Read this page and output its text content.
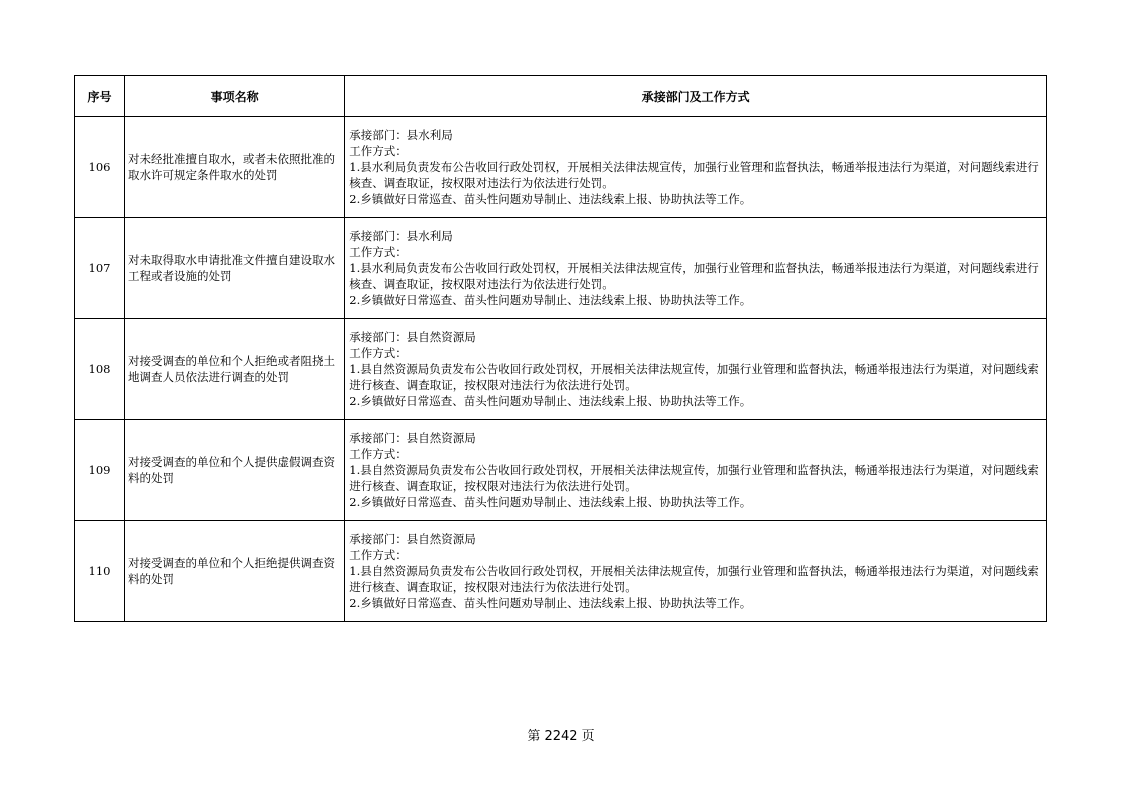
序号	事项名称	承接部门及工作方式
106	对未经批准擅自取水，或者未依照批准的取水许可规定条件取水的处罚	承接部门：县水利局
工作方式：
1.县水利局负责发布公告收回行政处罚权，开展相关法律法规宣传，加强行业管理和监督执法，畅通举报违法行为渠道，对问题线索进行核查、调查取证，按权限对违法行为依法进行处罚。
2.乡镇做好日常巡查、苗头性问题劝导制止、违法线索上报、协助执法等工作。

107	对未取得取水申请批准文件擅自建设取水工程或者设施的处罚	承接部门：县水利局
工作方式：
1.县水利局负责发布公告收回行政处罚权，开展相关法律法规宣传，加强行业管理和监督执法，畅通举报违法行为渠道，对问题线索进行核查、调查取证，按权限对违法行为依法进行处罚。
2.乡镇做好日常巡查、苗头性问题劝导制止、违法线索上报、协助执法等工作。

108	对接受调查的单位和个人拒绝或者阻挠土地调查人员依法进行调查的处罚	承接部门：县自然资源局
工作方式：
1.县自然资源局负责发布公告收回行政处罚权，开展相关法律法规宣传，加强行业管理和监督执法，畅通举报违法行为渠道，对问题线索进行核查、调查取证，按权限对违法行为依法进行处罚。
2.乡镇做好日常巡查、苗头性问题劝导制止、违法线索上报、协助执法等工作。

109	对接受调查的单位和个人提供虚假调查资料的处罚	承接部门：县自然资源局
工作方式：
1.县自然资源局负责发布公告收回行政处罚权，开展相关法律法规宣传，加强行业管理和监督执法，畅通举报违法行为渠道，对问题线索进行核查、调查取证，按权限对违法行为依法进行处罚。
2.乡镇做好日常巡查、苗头性问题劝导制止、违法线索上报、协助执法等工作。

110	对接受调查的单位和个人拒绝提供调查资料的处罚	承接部门：县自然资源局
工作方式：
1.县自然资源局负责发布公告收回行政处罚权，开展相关法律法规宣传，加强行业管理和监督执法，畅通举报违法行为渠道，对问题线索进行核查、调查取证，按权限对违法行为依法进行处罚。
2.乡镇做好日常巡查、苗头性问题劝导制止、违法线索上报、协助执法等工作。
第 2242 页
